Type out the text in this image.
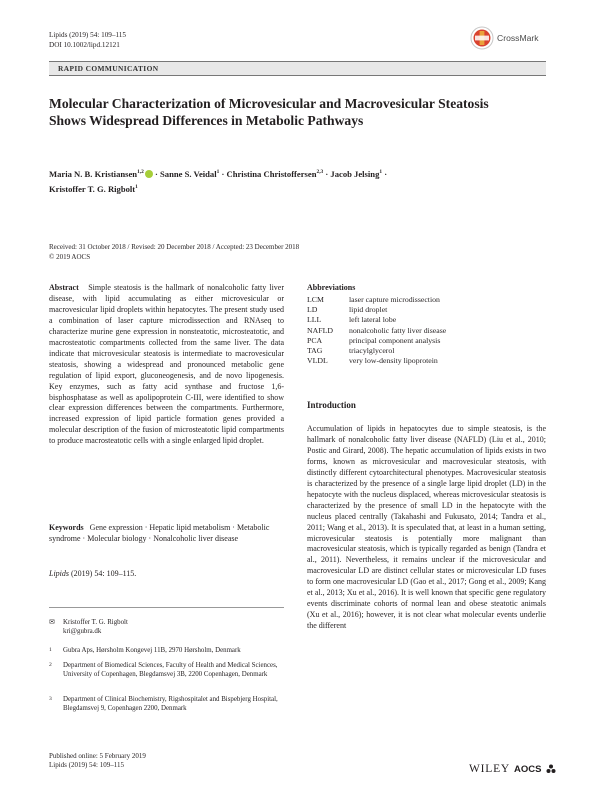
Lipids (2019) 54: 109–115
DOI 10.1002/lipd.12121
CrossMark
RAPID COMMUNICATION
Molecular Characterization of Microvesicular and Macrovesicular Steatosis Shows Widespread Differences in Metabolic Pathways
Maria N. B. Kristiansen$^{1,2}$ · Sanne S. Veidal$^1$ · Christina Christoffersen$^{2,3}$ · Jacob Jelsing$^1$ ·
Kristoffer T. G. Rigbolt$^1$
Received: 31 October 2018 / Revised: 20 December 2018 / Accepted: 23 December 2018
© 2019 AOCS
Abstract Simple steatosis is the hallmark of nonalcoholic fatty liver disease, with lipid accumulating as either microvesicular or macrovesicular lipid droplets within hepatocytes. The present study used a combination of laser capture microdissection and RNAseq to characterize murine gene expression in nonsteatotic, microsteatotic, and macrosteatotic compartments collected from the same liver. The data indicate that microvesicular steatosis is intermediate to macrovesicular steatosis, showing a widespread and pronounced metabolic gene regulation of lipid export, gluconeogenesis, and de novo lipogenesis. Key enzymes, such as fatty acid synthase and fructose 1,6-bisphosphatase as well as apolipoprotein C-III, were identified to show clear expression differences between the compartments. Furthermore, increased expression of lipid particle formation genes provided a molecular description of the fusion of microsteatotic lipid compartments to produce macrosteatotic cells with a single enlarged lipid droplet.
Keywords Gene expression · Hepatic lipid metabolism · Metabolic syndrome · Molecular biology · Nonalcoholic liver disease
Lipids (2019) 54: 109–115.
✉ Kristoffer T. G. Rigbolt
kri@gubra.dk
1	Gubra Aps, Hørsholm Kongevej 11B, 2970 Hørsholm, Denmark
2	Department of Biomedical Sciences, Faculty of Health and Medical Sciences, University of Copenhagen, Blegdamsvej 3B, 2200 Copenhagen, Denmark
3	Department of Clinical Biochemistry, Rigshospitalet and Bispebjerg Hospital, Blegdamsvej 9, Copenhagen 2200, Denmark
Published online: 5 February 2019
Lipids (2019) 54: 109–115
Abbreviations
LCM	laser capture microdissection
LD	lipid droplet
LLL	left lateral lobe
NAFLD	nonalcoholic fatty liver disease
PCA	principal component analysis
TAG	triacylglycerol
VLDL	very low-density lipoprotein
Introduction
Accumulation of lipids in hepatocytes due to simple steatosis, is the hallmark of nonalcoholic fatty liver disease (NAFLD) (Liu et al., 2010; Postic and Girard, 2008). The hepatic accumulation of lipids exists in two forms, known as microvesicular and macrovesicular steatosis, with distinctly different cytoarchitectural phenotypes. Macrovesicular steatosis is characterized by the presence of a single large lipid droplet (LD) in the hepatocyte with the nucleus displaced, whereas microvesicular steatosis is characterized by the presence of small LD in the hepatocyte with the nucleus placed centrally (Takahashi and Fukusato, 2014; Tandra et al., 2011; Wang et al., 2013). It is speculated that, at least in a human setting, microvesicular steatosis is potentially more malignant than macrovesicular steatosis, which is typically regarded as benign (Tandra et al., 2011). Nevertheless, it remains unclear if the microvesicular and macrovesicular LD are distinct cellular states or microvesicular LD fuses to form one macrovesicular LD (Gao et al., 2017; Gong et al., 2009; Kang et al., 2013; Xu et al., 2016). It is well known that specific gene regulatory events discriminate cohorts of normal lean and obese steatotic animals (Xu et al., 2016); however, it is not clear what molecular events underlie the different
WILEY AOCS
